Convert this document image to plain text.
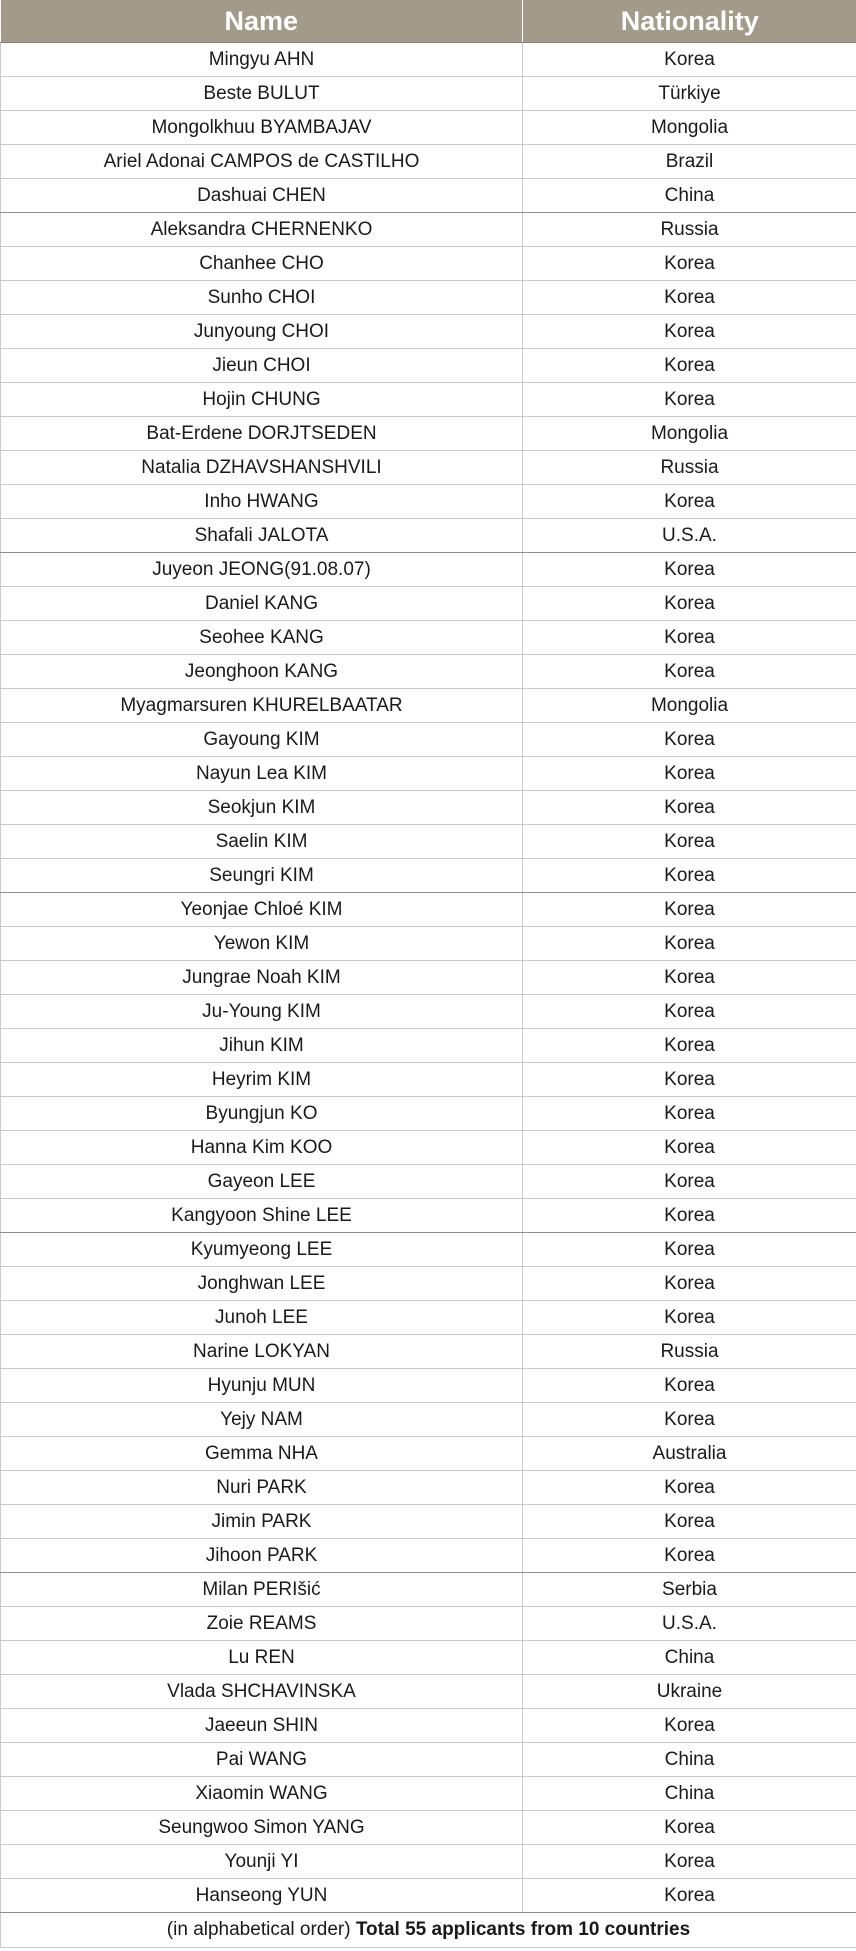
Name	Nationality
Mingyu AHN	Korea
Beste BULUT	Türkiye
Mongolkhuu BYAMBAJAV	Mongolia
Ariel Adonai CAMPOS de CASTILHO	Brazil
Dashuai CHEN	China
Aleksandra CHERNENKO	Russia
Chanhee CHO	Korea
Sunho CHOI	Korea
Junyoung CHOI	Korea
Jieun CHOI	Korea
Hojin CHUNG	Korea
Bat-Erdene DORJTSEDEN	Mongolia
Natalia DZHAVSHANSHVILI	Russia
Inho HWANG	Korea
Shafali JALOTA	U.S.A.
Juyeon JEONG(91.08.07)	Korea
Daniel KANG	Korea
Seohee KANG	Korea
Jeonghoon KANG	Korea
Myagmarsuren KHURELBAATAR	Mongolia
Gayoung KIM	Korea
Nayun Lea KIM	Korea
Seokjun KIM	Korea
Saelin KIM	Korea
Seungri KIM	Korea
Yeonjae Chloé KIM	Korea
Yewon KIM	Korea
Jungrae Noah KIM	Korea
Ju-Young KIM	Korea
Jihun KIM	Korea
Heyrim KIM	Korea
Byungjun KO	Korea
Hanna Kim KOO	Korea
Gayeon LEE	Korea
Kangyoon Shine LEE	Korea
Kyumyeong LEE	Korea
Jonghwan LEE	Korea
Junoh LEE	Korea
Narine LOKYAN	Russia
Hyunju MUN	Korea
Yejy NAM	Korea
Gemma NHA	Australia
Nuri PARK	Korea
Jimin PARK	Korea
Jihoon PARK	Korea
Milan PERIšić	Serbia
Zoie REAMS	U.S.A.
Lu REN	China
Vlada SHCHAVINSKA	Ukraine
Jaeeun SHIN	Korea
Pai WANG	China
Xiaomin WANG	China
Seungwoo Simon YANG	Korea
Younji YI	Korea
Hanseong YUN	Korea
(in alphabetical order) Total 55 applicants from 10 countries	
